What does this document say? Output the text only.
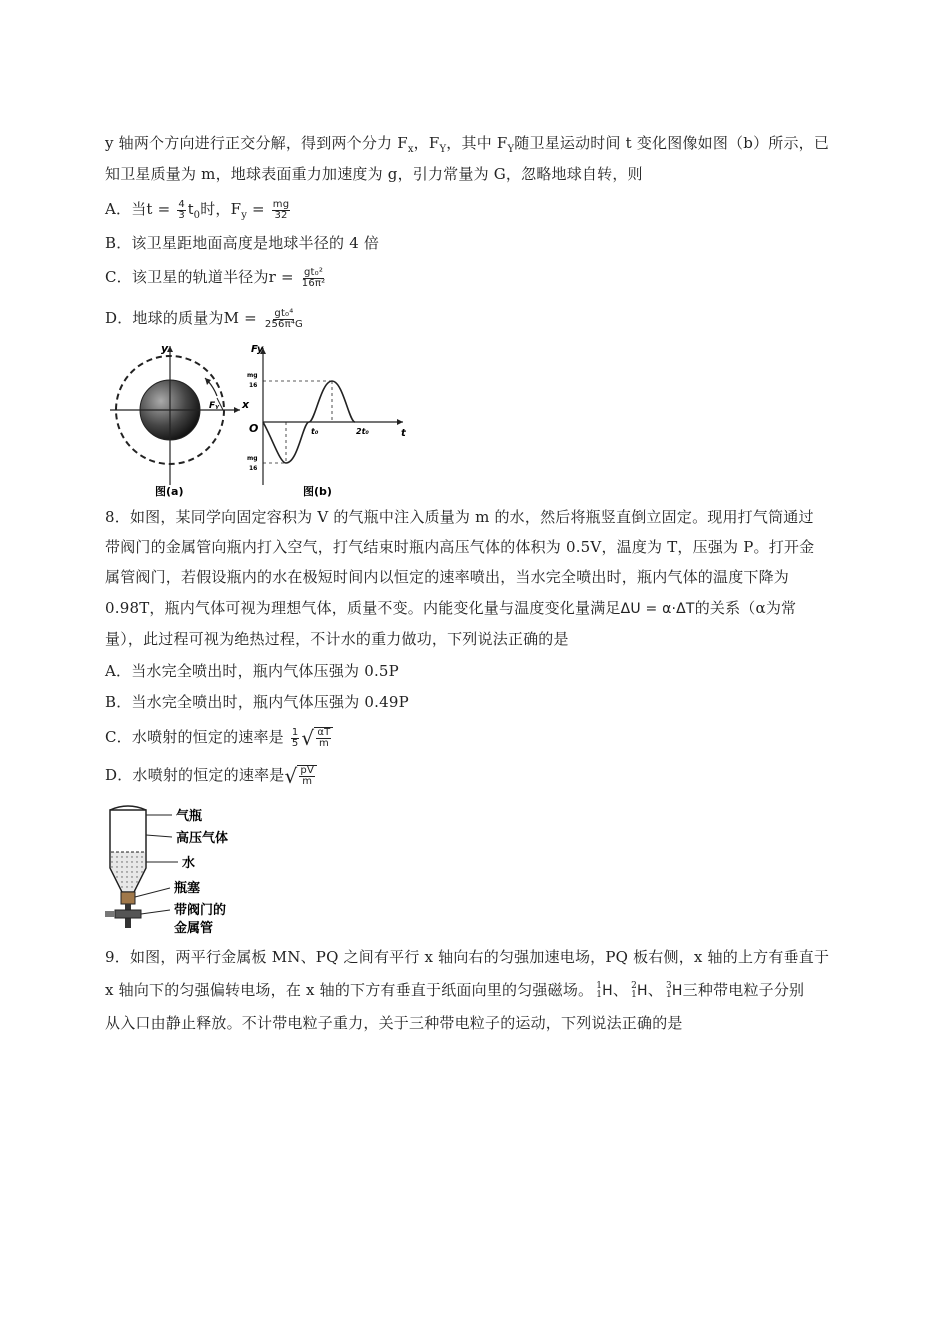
y 轴两个方向进行正交分解，得到两个分力 $F_x$，$F_Y$，其中 $F_Y$随卫星运动时间 t 变化图像如图（b）所示，已
知卫星质量为 m，地球表面重力加速度为 g，引力常量为 G，忽略地球自转，则
A．当$t = \frac{4}{3} t_0$时，$F_y = \frac{mg}{32}$
B．该卫星距地面高度是地球半径的 4 倍
C．该卫星的轨道半径为$r = \frac{\text{gt₀²}}{\text{16π²}}$
D．地球的质量为$M = \frac{\text{gt₀⁴}}{\text{256π⁴G}}$
y
x
Fᵧ
图(a)
Fy
t
O
mg
16
mg
16
t₀	2t₀
图(b)
8．如图，某同学向固定容积为 V 的气瓶中注入质量为 m 的水，然后将瓶竖直倒立固定。现用打气筒通过
带阀门的金属管向瓶内打入空气，打气结束时瓶内高压气体的体积为 0.5V，温度为 T，压强为 P。打开金
属管阀门，若假设瓶内的水在极短时间内以恒定的速率喷出，当水完全喷出时，瓶内气体的温度下降为
0.98T，瓶内气体可视为理想气体，质量不变。内能变化量与温度变化量满足ΔU = α·ΔT的关系（α为常
量），此过程可视为绝热过程，不计水的重力做功，下列说法正确的是
A．当水完全喷出时，瓶内气体压强为 0.5P
B．当水完全喷出时，瓶内气体压强为 0.49P
C．水喷射的恒定的速率是 $\frac{1}{5}$ √ $\frac{\alpha T}{m}$
D．水喷射的恒定的速率是 √ $\frac{pV}{m}$
气瓶
高压气体
水
瓶塞
带阀门的
金属管
9．如图，两平行金属板 MN、PQ 之间有平行 x 轴向右的匀强加速电场，PQ 板右侧，x 轴的上方有垂直于
x 轴向下的匀强偏转电场，在 x 轴的下方有垂直于纸面向里的匀强磁场。 1
1 H、 2
1 H、 3
1 H三种带电粒子分别
从入口由静止释放。不计带电粒子重力，关于三种带电粒子的运动，下列说法正确的是
